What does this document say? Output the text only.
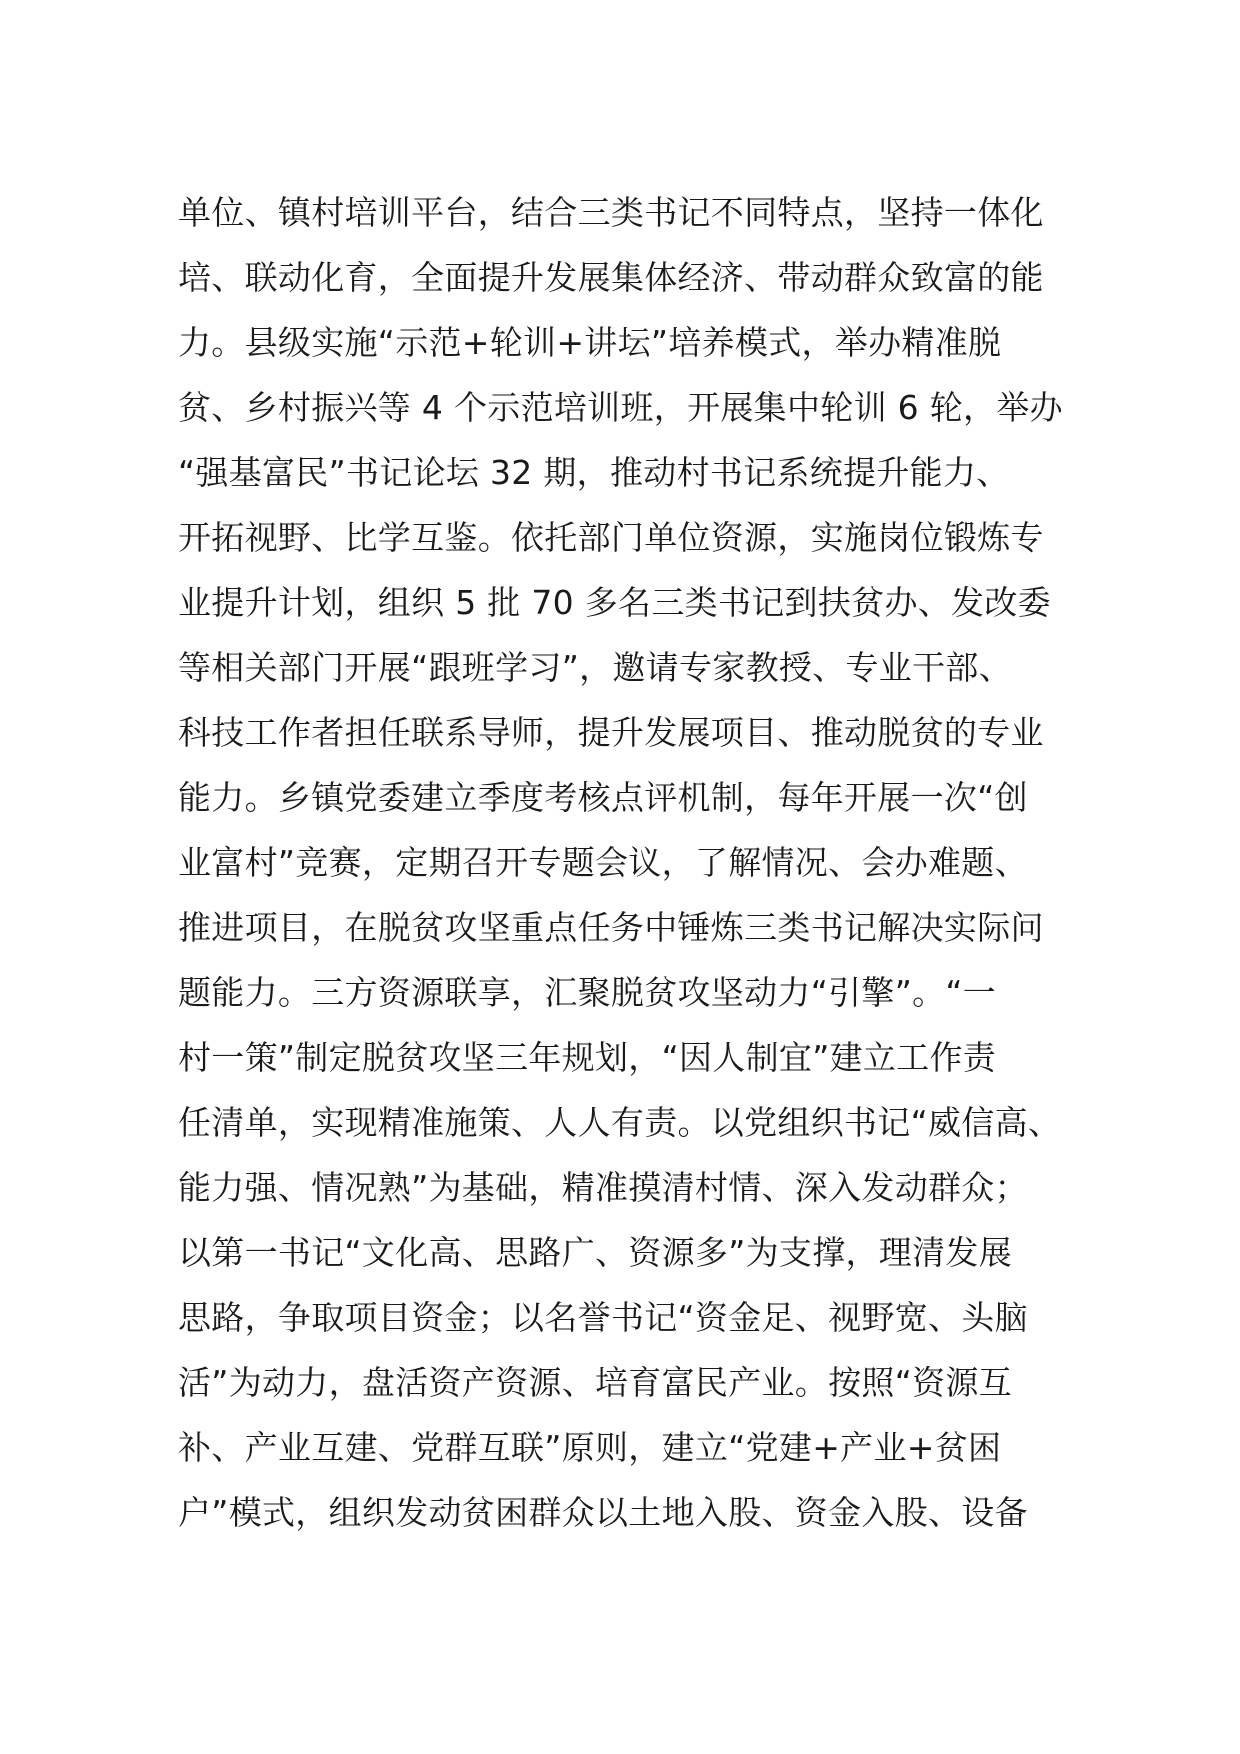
单位、镇村培训平台，结合三类书记不同特点，坚持一体化
培、联动化育，全面提升发展集体经济、带动群众致富的能
力。县级实施“示范+轮训+讲坛”培养模式，举办精准脱
贫、乡村振兴等 4 个示范培训班，开展集中轮训 6 轮，举办
“强基富民”书记论坛 32 期，推动村书记系统提升能力、
开拓视野、比学互鉴。依托部门单位资源，实施岗位锻炼专
业提升计划，组织 5 批 70 多名三类书记到扶贫办、发改委
等相关部门开展“跟班学习”，邀请专家教授、专业干部、
科技工作者担任联系导师，提升发展项目、推动脱贫的专业
能力。乡镇党委建立季度考核点评机制，每年开展一次“创
业富村”竞赛，定期召开专题会议，了解情况、会办难题、
推进项目，在脱贫攻坚重点任务中锤炼三类书记解决实际问
题能力。三方资源联享，汇聚脱贫攻坚动力“引擎”。“一
村一策”制定脱贫攻坚三年规划，“因人制宜”建立工作责
任清单，实现精准施策、人人有责。以党组织书记“威信高、
能力强、情况熟”为基础，精准摸清村情、深入发动群众；
以第一书记“文化高、思路广、资源多”为支撑，理清发展
思路，争取项目资金；以名誉书记“资金足、视野宽、头脑
活”为动力，盘活资产资源、培育富民产业。按照“资源互
补、产业互建、党群互联”原则，建立“党建+产业+贫困
户”模式，组织发动贫困群众以土地入股、资金入股、设备
